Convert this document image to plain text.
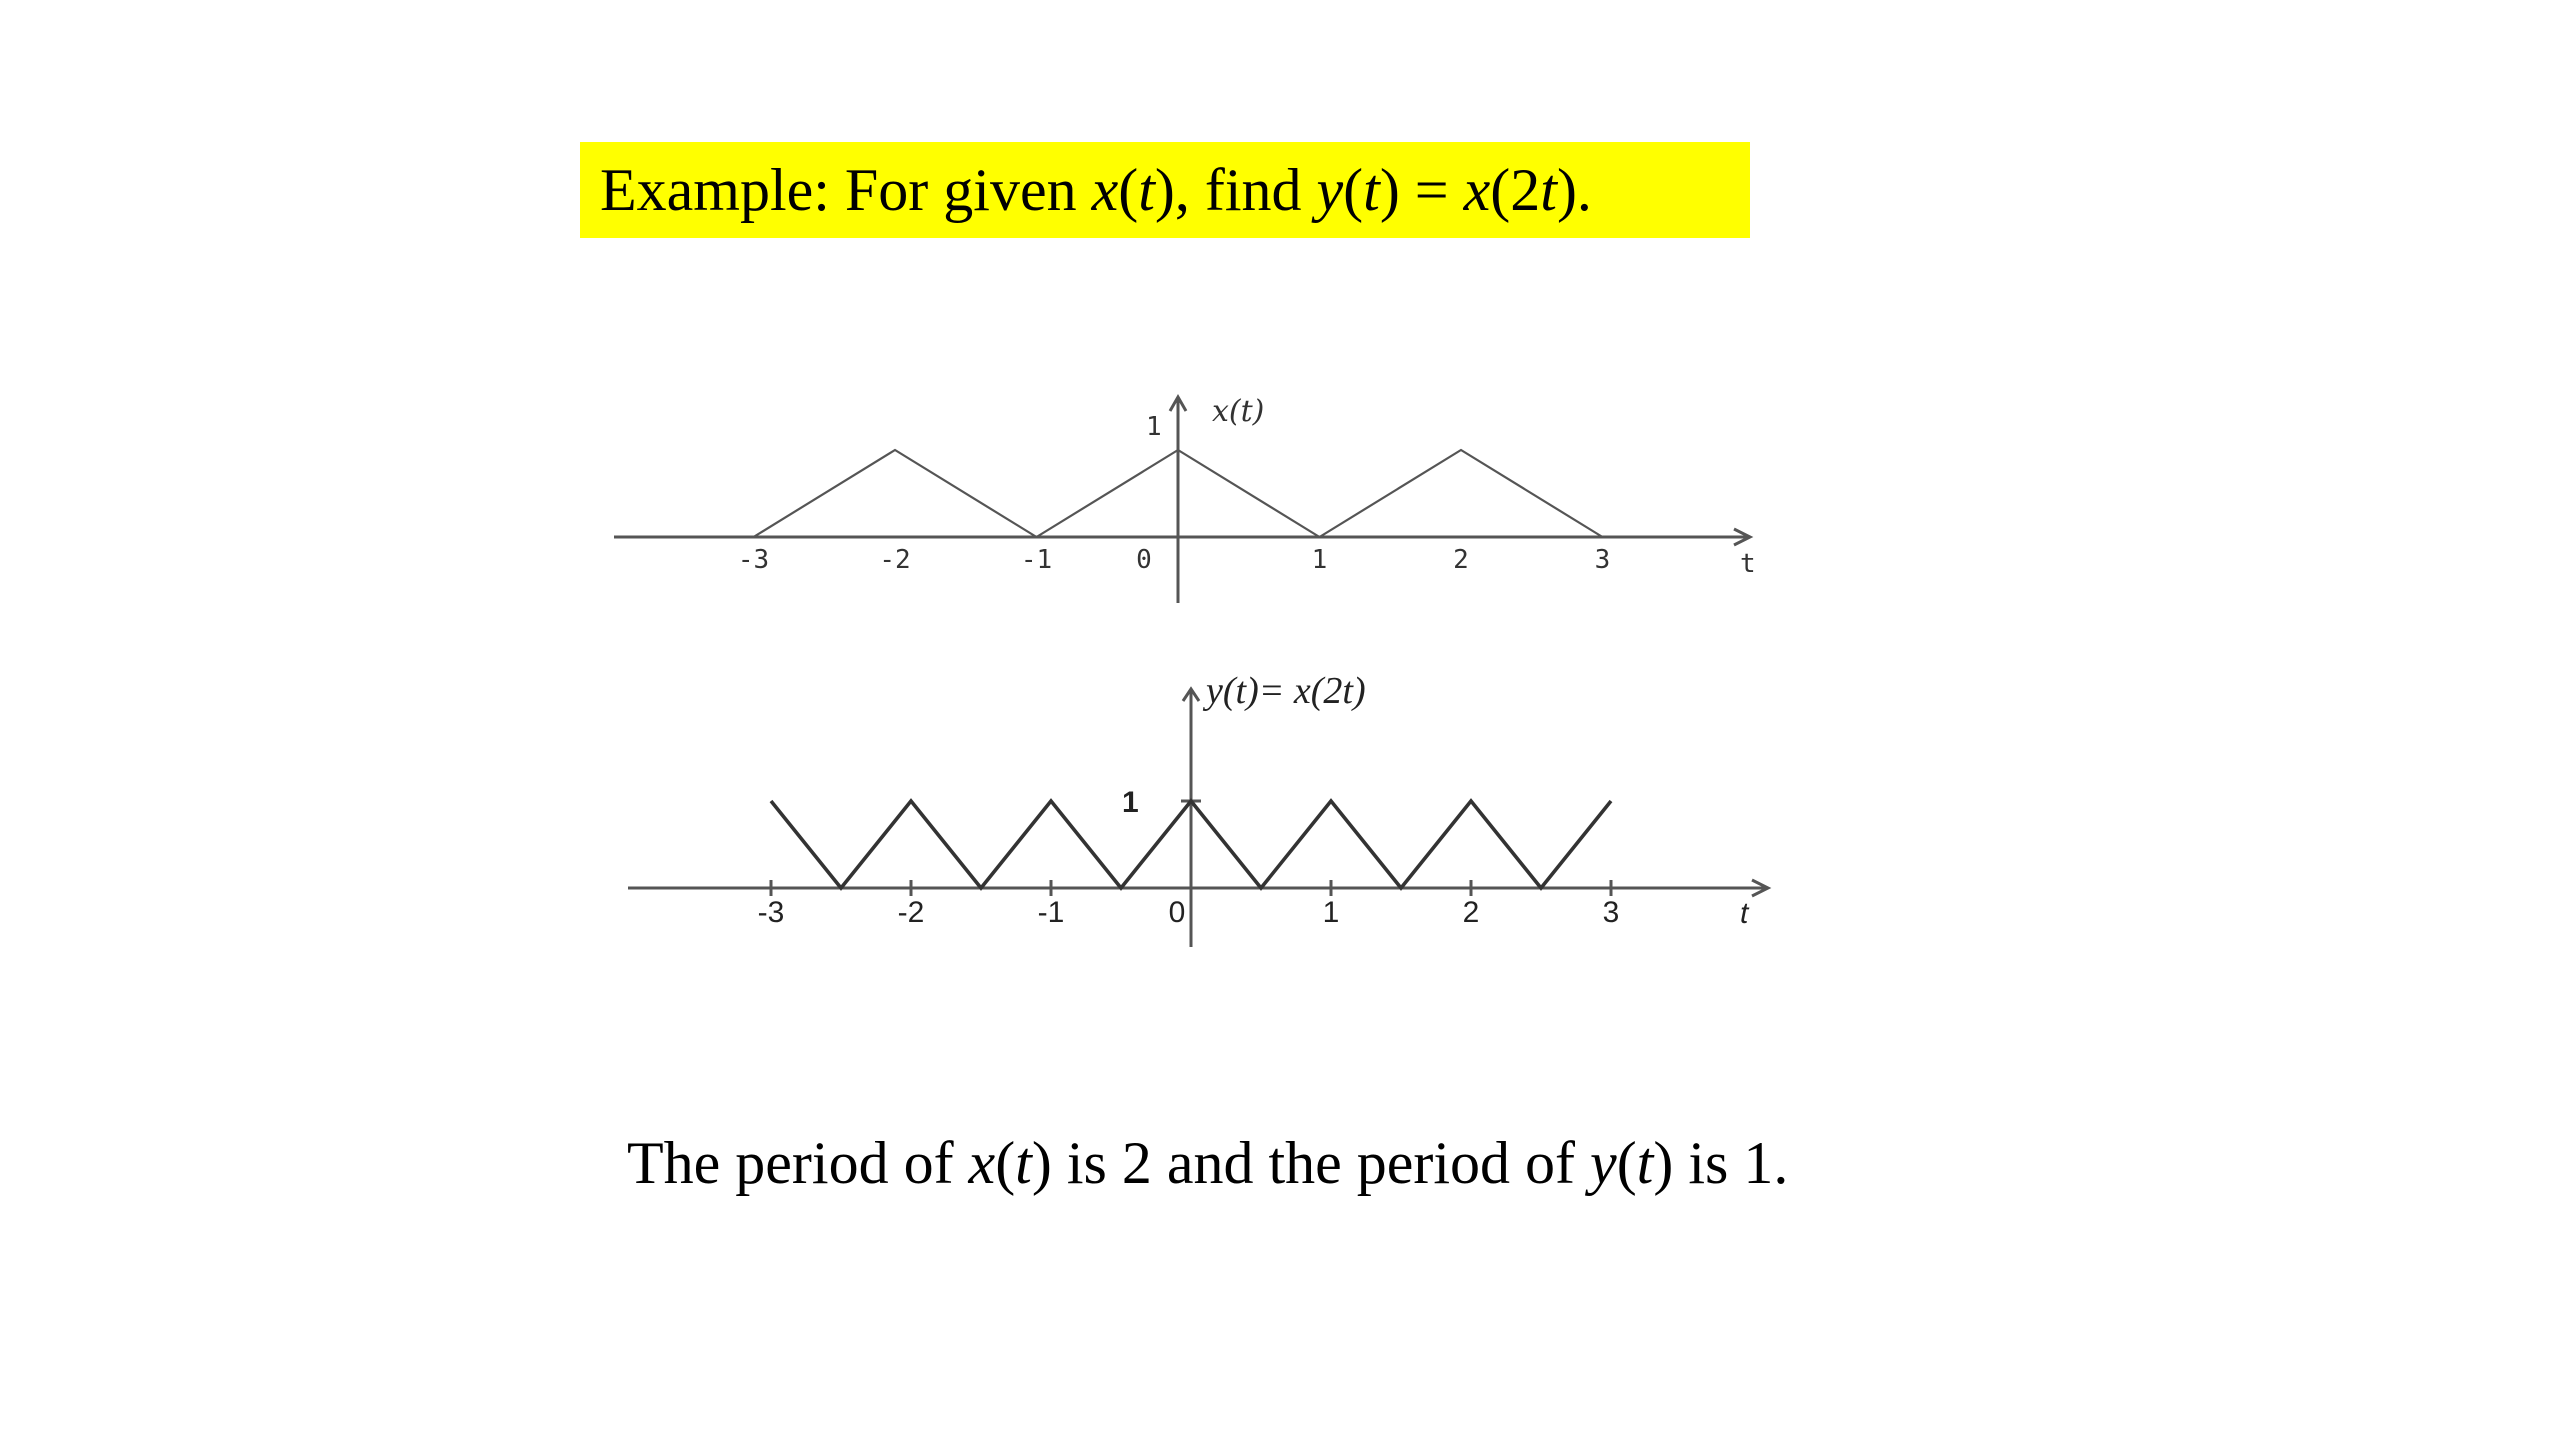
Example: For given x(t), find y(t) = x(2t).
-3	-2	-1	0	1	2	3	t
1 x(t)
-3	-2	-1	0	1	2	3	t
1
y(t)= x(2t)
The period of x(t) is 2 and the period of y(t) is 1.
